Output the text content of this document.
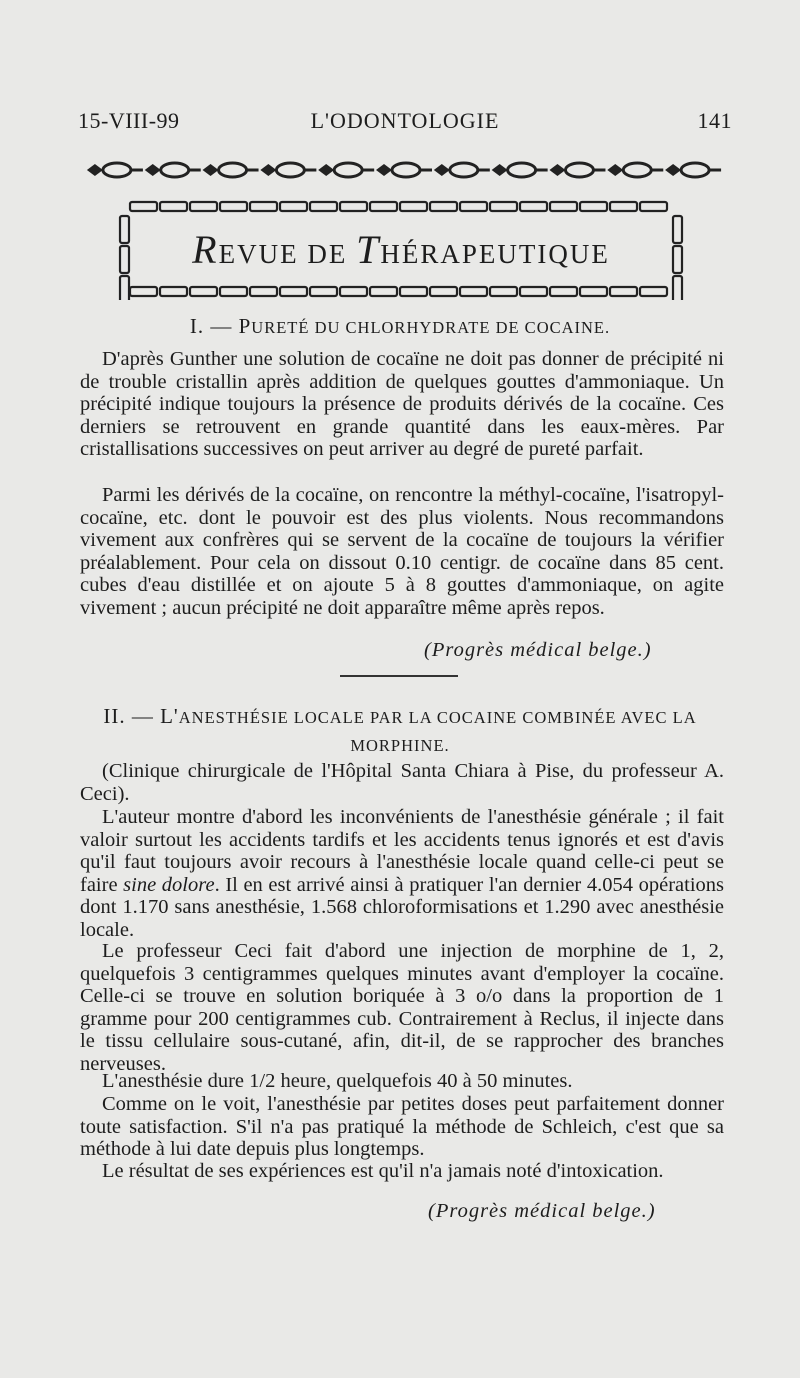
15-VIII-99	L'ODONTOLOGIE	141
REVUE DE THÉRAPEUTIQUE
I. — PURETÉ DU CHLORHYDRATE DE COCAINE.

D'après Gunther une solution de cocaïne ne doit pas donner de précipité ni de trouble cristallin après addition de quelques gouttes d'ammoniaque. Un précipité indique toujours la présence de produits dérivés de la cocaïne. Ces derniers se retrouvent en grande quantité dans les eaux-mères. Par cristallisations successives on peut arriver au degré de pureté parfait.

Parmi les dérivés de la cocaïne, on rencontre la méthyl-cocaïne, l'isatropyl-cocaïne, etc. dont le pouvoir est des plus violents. Nous recommandons vivement aux confrères qui se servent de la cocaïne de toujours la vérifier préalablement. Pour cela on dissout 0.10 centigr. de cocaïne dans 85 cent. cubes d'eau distillée et on ajoute 5 à 8 gouttes d'ammoniaque, on agite vivement ; aucun précipité ne doit apparaître même après repos.

(Progrès médical belge.)
II. — L'ANESTHÉSIE LOCALE PAR LA COCAINE COMBINÉE AVEC LA
MORPHINE.

(Clinique chirurgicale de l'Hôpital Santa Chiara à Pise, du professeur A. Ceci).

L'auteur montre d'abord les inconvénients de l'anesthésie générale ; il fait valoir surtout les accidents tardifs et les accidents tenus ignorés et est d'avis qu'il faut toujours avoir recours à l'anesthésie locale quand celle-ci peut se faire sine dolore. Il en est arrivé ainsi à pratiquer l'an dernier 4.054 opérations dont 1.170 sans anesthésie, 1.568 chloroformisations et 1.290 avec anesthésie locale.

Le professeur Ceci fait d'abord une injection de morphine de 1, 2, quelquefois 3 centigrammes quelques minutes avant d'employer la cocaïne. Celle-ci se trouve en solution boriquée à 3 o/o dans la proportion de 1 gramme pour 200 centigrammes cub. Contrairement à Reclus, il injecte dans le tissu cellulaire sous-cutané, afin, dit-il, de se rapprocher des branches nerveuses.

L'anesthésie dure 1/2 heure, quelquefois 40 à 50 minutes.

Comme on le voit, l'anesthésie par petites doses peut parfaitement donner toute satisfaction. S'il n'a pas pratiqué la méthode de Schleich, c'est que sa méthode à lui date depuis plus longtemps.

Le résultat de ses expériences est qu'il n'a jamais noté d'intoxication.

(Progrès médical belge.)
